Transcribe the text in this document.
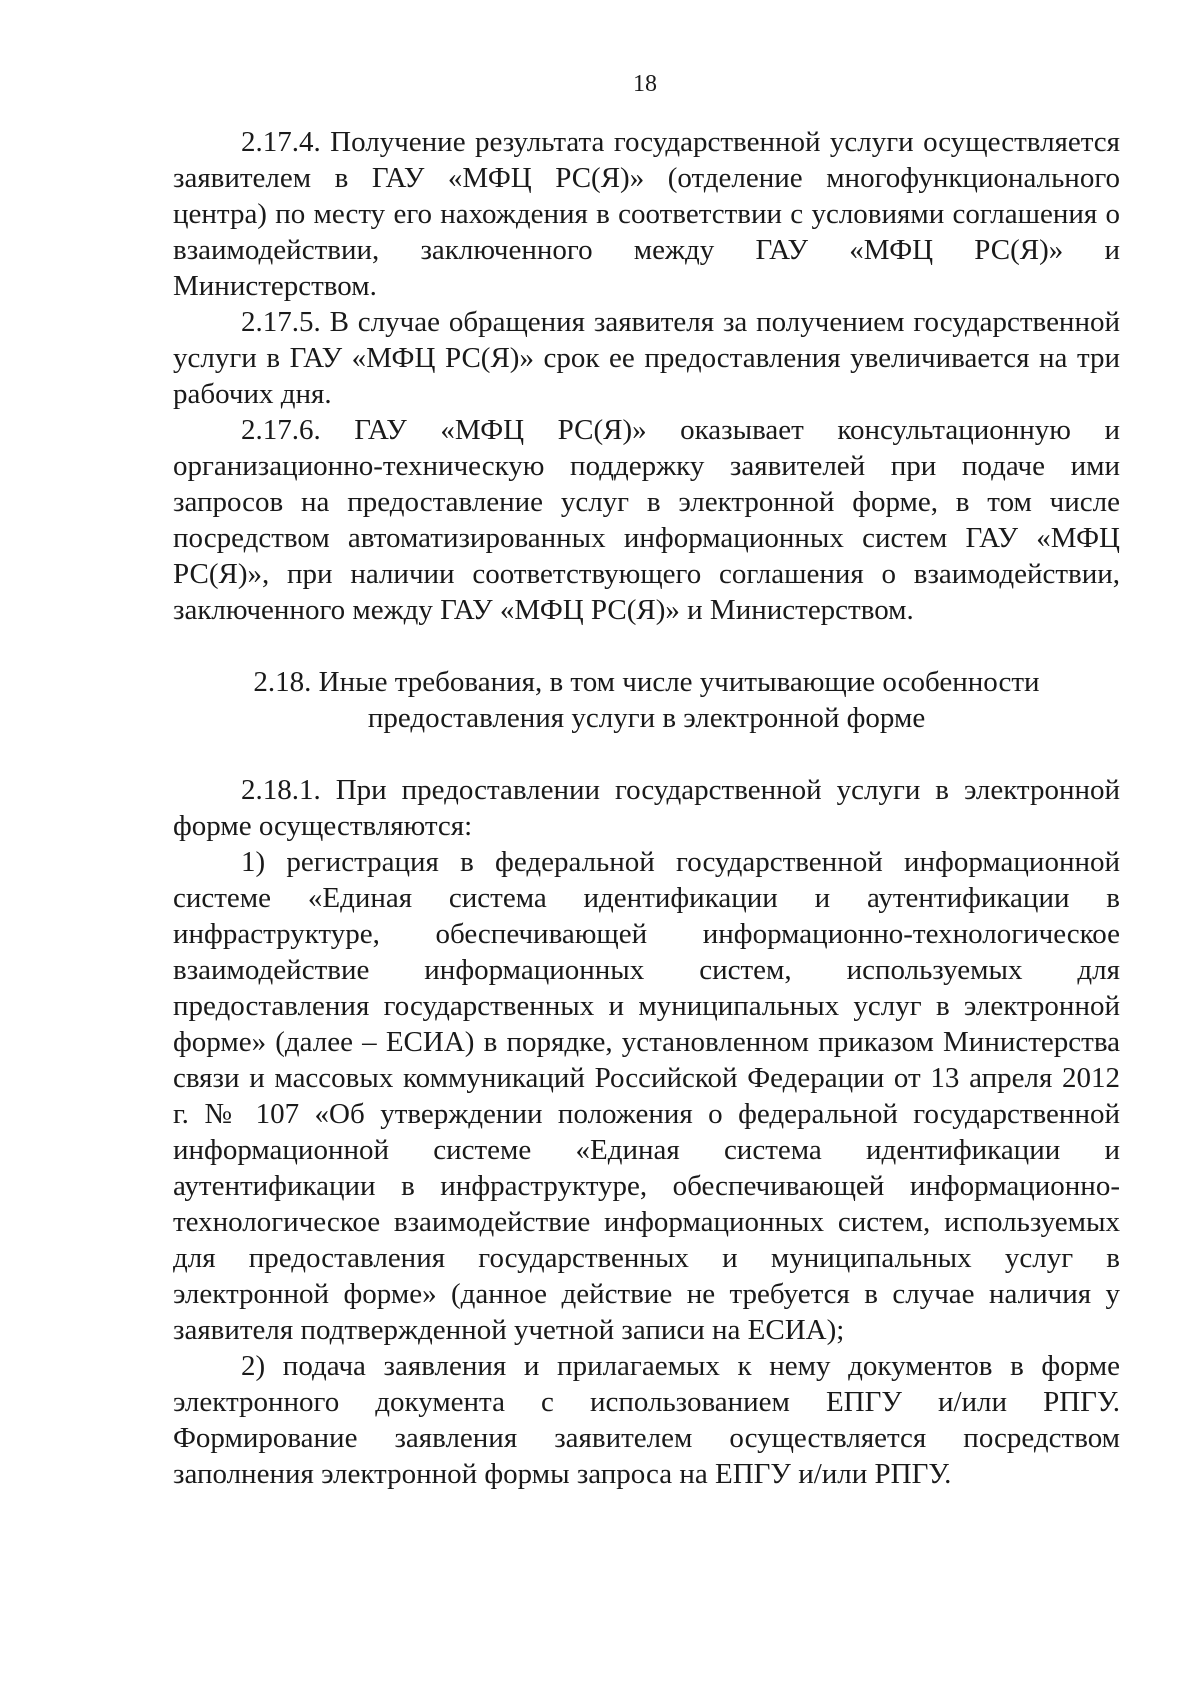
18

2.17.4. Получение результата государственной услуги осуществляется заявителем в ГАУ «МФЦ РС(Я)» (отделение многофункционального центра) по месту его нахождения в соответствии с условиями соглашения о взаимодействии, заключенного между ГАУ «МФЦ РС(Я)» и Министерством.

2.17.5. В случае обращения заявителя за получением государственной услуги в ГАУ «МФЦ РС(Я)» срок ее предоставления увеличивается на три рабочих дня.

2.17.6. ГАУ «МФЦ РС(Я)» оказывает консультационную и организационно-техническую поддержку заявителей при подаче ими запросов на предоставление услуг в электронной форме, в том числе посредством автоматизированных информационных систем ГАУ «МФЦ РС(Я)», при наличии соответствующего соглашения о взаимодействии, заключенного между ГАУ «МФЦ РС(Я)» и Министерством.

2.18. Иные требования, в том числе учитывающие особенности

предоставления услуги в электронной форме

2.18.1. При предоставлении государственной услуги в электронной форме осуществляются:

1) регистрация в федеральной государственной информационной системе «Единая система идентификации и аутентификации в инфраструктуре, обеспечивающей информационно-технологическое взаимодействие информационных систем, используемых для предоставления государственных и муниципальных услуг в электронной форме» (далее – ЕСИА) в порядке, установленном приказом Министерства связи и массовых коммуникаций Российской Федерации от 13 апреля 2012 г. № 107 «Об утверждении положения о федеральной государственной информационной системе «Единая система идентификации и аутентификации в инфраструктуре, обеспечивающей информационно-технологическое взаимодействие информационных систем, используемых для предоставления государственных и муниципальных услуг в электронной форме» (данное действие не требуется в случае наличия у заявителя подтвержденной учетной записи на ЕСИА);

2) подача заявления и прилагаемых к нему документов в форме электронного документа с использованием ЕПГУ и/или РПГУ. Формирование заявления заявителем осуществляется посредством заполнения электронной формы запроса на ЕПГУ и/или РПГУ.
